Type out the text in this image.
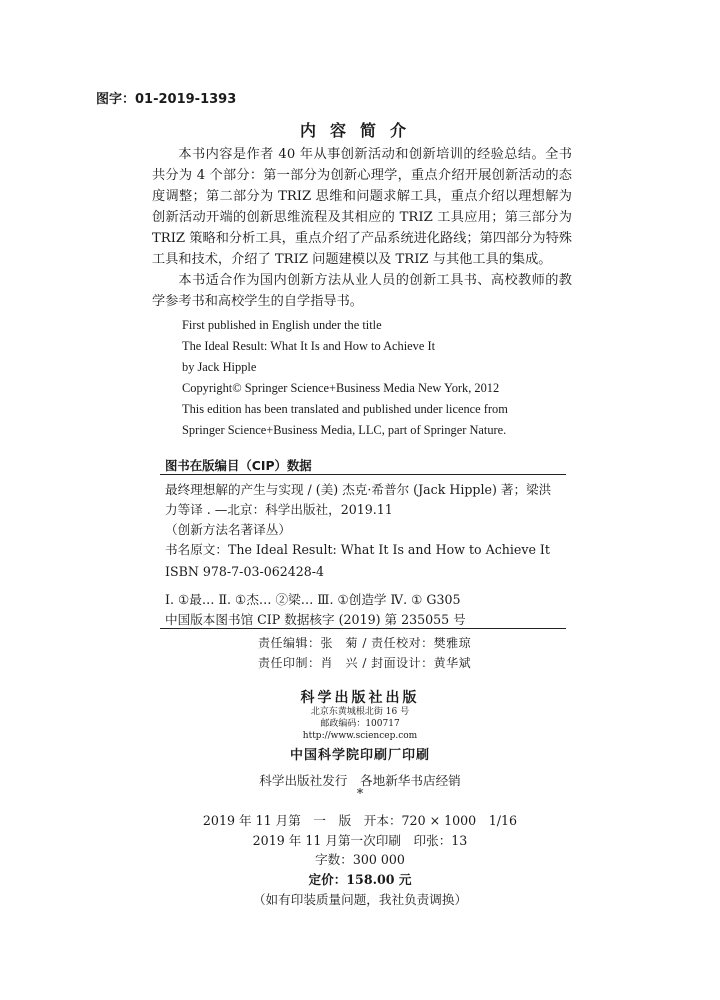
图字：01-2019-1393
内容简介

本书内容是作者 40 年从事创新活动和创新培训的经验总结。全书共分为 4 个部分：第一部分为创新心理学，重点介绍开展创新活动的态度调整；第二部分为 TRIZ 思维和问题求解工具，重点介绍以理想解为创新活动开端的创新思维流程及其相应的 TRIZ 工具应用；第三部分为 TRIZ 策略和分析工具，重点介绍了产品系统进化路线；第四部分为特殊工具和技术，介绍了 TRIZ 问题建模以及 TRIZ 与其他工具的集成。

本书适合作为国内创新方法从业人员的创新工具书、高校教师的教学参考书和高校学生的自学指导书。

First published in English under the title
The Ideal Result: What It Is and How to Achieve It
by Jack Hipple
Copyright© Springer Science+Business Media New York, 2012
This edition has been translated and published under licence from
Springer Science+Business Media, LLC, part of Springer Nature.
图书在版编目（CIP）数据
最终理想解的产生与实现 / (美) 杰克·希普尔 (Jack Hipple) 著；梁洪
力等译 . —北京：科学出版社，2019.11
（创新方法名著译丛）
书名原文：The Ideal Result: What It Is and How to Achieve It
ISBN 978-7-03-062428-4
Ⅰ. ①最… Ⅱ. ①杰… ②梁… Ⅲ. ①创造学 Ⅳ. ① G305
中国版本图书馆 CIP 数据核字 (2019) 第 235055 号
责任编辑：张　菊 / 责任校对：樊雅琼
责任印制：肖　兴 / 封面设计：黄华斌
科学出版社出版
北京东黄城根北街 16 号
邮政编码：100717
http://www.sciencep.com
中国科学院印刷厂印刷
科学出版社发行　各地新华书店经销
*
2019 年 11 月第　一　版　开本：720 × 1000　1/16
2019 年 11 月第一次印刷　印张：13
字数：300 000
定价：158.00 元
（如有印装质量问题，我社负责调换）
